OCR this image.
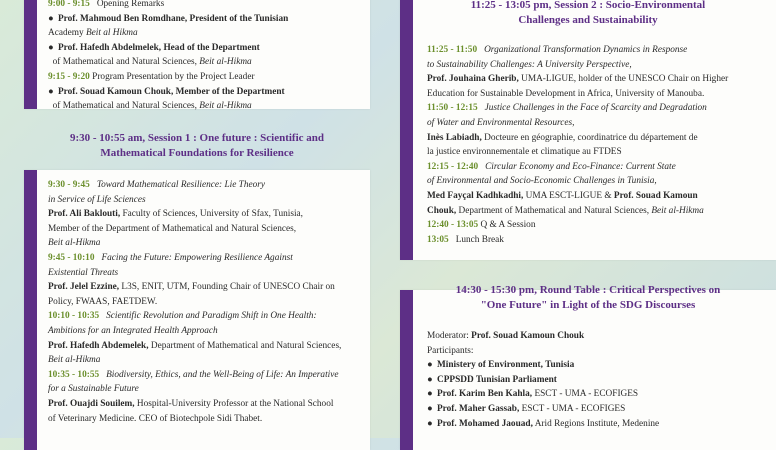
9:00 - 9:15 Opening Remarks
● Prof. Mahmoud Ben Romdhane, President of the Tunisian
Academy Beit al Hikma
● Prof. Hafedh Abdelmelek, Head of the Department
of Mathematical and Natural Sciences, Beit al-Hikma
9:15 - 9:20 Program Presentation by the Project Leader
● Prof. Souad Kamoun Chouk, Member of the Department
of Mathematical and Natural Sciences, Beit al-Hikma
9:30 - 10:55 am, Session 1 : One future : Scientific and
Mathematical Foundations for Resilience
9:30 - 9:45 Toward Mathematical Resilience: Lie Theory
in Service of Life Sciences
Prof. Ali Baklouti, Faculty of Sciences, University of Sfax, Tunisia,
Member of the Department of Mathematical and Natural Sciences,
Beit al-Hikma
9:45 - 10:10 Facing the Future: Empowering Resilience Against
Existential Threats
Prof. Jelel Ezzine, L3S, ENIT, UTM, Founding Chair of UNESCO Chair on
Policy, FWAAS, FAETDEW.
10:10 - 10:35 Scientific Revolution and Paradigm Shift in One Health:
Ambitions for an Integrated Health Approach
Prof. Hafedh Abdemelek, Department of Mathematical and Natural Sciences,
Beit al-Hikma
10:35 - 10:55 Biodiversity, Ethics, and the Well-Being of Life: An Imperative
for a Sustainable Future
Prof. Ouajdi Souilem, Hospital-University Professor at the National School
of Veterinary Medicine. CEO of Biotechpole Sidi Thabet.
11:25 - 13:05 pm, Session 2 : Socio-Environmental
Challenges and Sustainability
11:25 - 11:50 Organizational Transformation Dynamics in Response
to Sustainability Challenges: A University Perspective,
Prof. Jouhaina Gherib, UMA-LIGUE, holder of the UNESCO Chair on Higher
Education for Sustainable Development in Africa, University of Manouba.
11:50 - 12:15 Justice Challenges in the Face of Scarcity and Degradation
of Water and Environmental Resources,
Inès Labiadh, Docteure en géographie, coordinatrice du département de
la justice environnementale et climatique au FTDES
12:15 - 12:40 Circular Economy and Eco-Finance: Current State
of Environmental and Socio-Economic Challenges in Tunisia,
Med Fayçal Kadhkadhi, UMA ESCT-LIGUE & Prof. Souad Kamoun
Chouk, Department of Mathematical and Natural Sciences, Beit al-Hikma
12:40 - 13:05 Q & A Session
13:05 Lunch Break
14:30 - 15:30 pm, Round Table : Critical Perspectives on
"One Future" in Light of the SDG Discourses
Moderator: Prof. Souad Kamoun Chouk
Participants:
● Ministery of Environment, Tunisia
● CPPSDD Tunisian Parliament
● Prof. Karim Ben Kahla, ESCT - UMA - ECOFIGES
● Prof. Maher Gassab, ESCT - UMA - ECOFIGES
● Prof. Mohamed Jaouad, Arid Regions Institute, Medenine
